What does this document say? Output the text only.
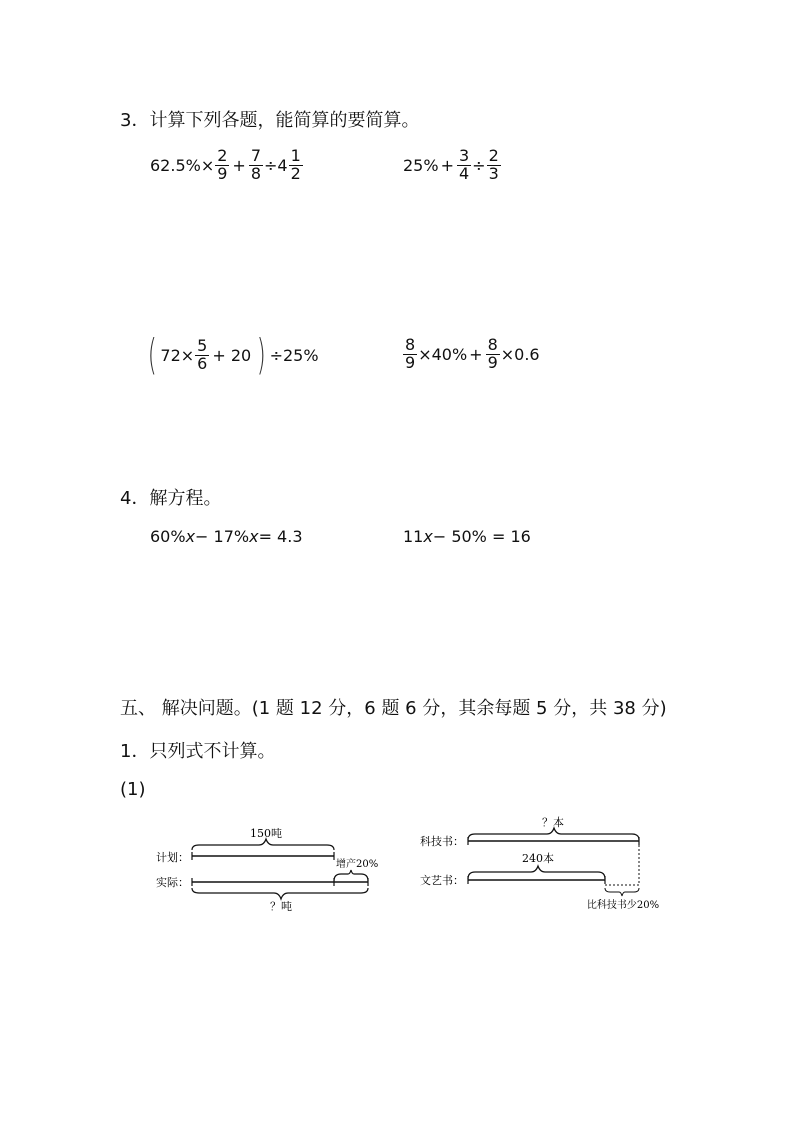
3．计算下列各题，能简算的要简算。
$62.5\%\times \frac{2}{9} + \frac{7}{8} \div 4 \frac{1}{2}$	$25\% + \frac{3}{4} \div \frac{2}{3}$
( $72\times \frac{5}{6} + 20$ ) ÷25%	$\frac{8}{9} \times 40\% + \frac{8}{9} \times 0.6$
4．解方程。
60% x − 17% x = 4.3	11 x − 50% = 16
五、 解决问题。(1 题 12 分，6 题 6 分，其余每题 5 分，共 38 分)
1．只列式不计算。
(1)
150吨
计划：
增产20%
实际：
？吨
？本
科技书：
240本
文艺书：
比科技书少20%
